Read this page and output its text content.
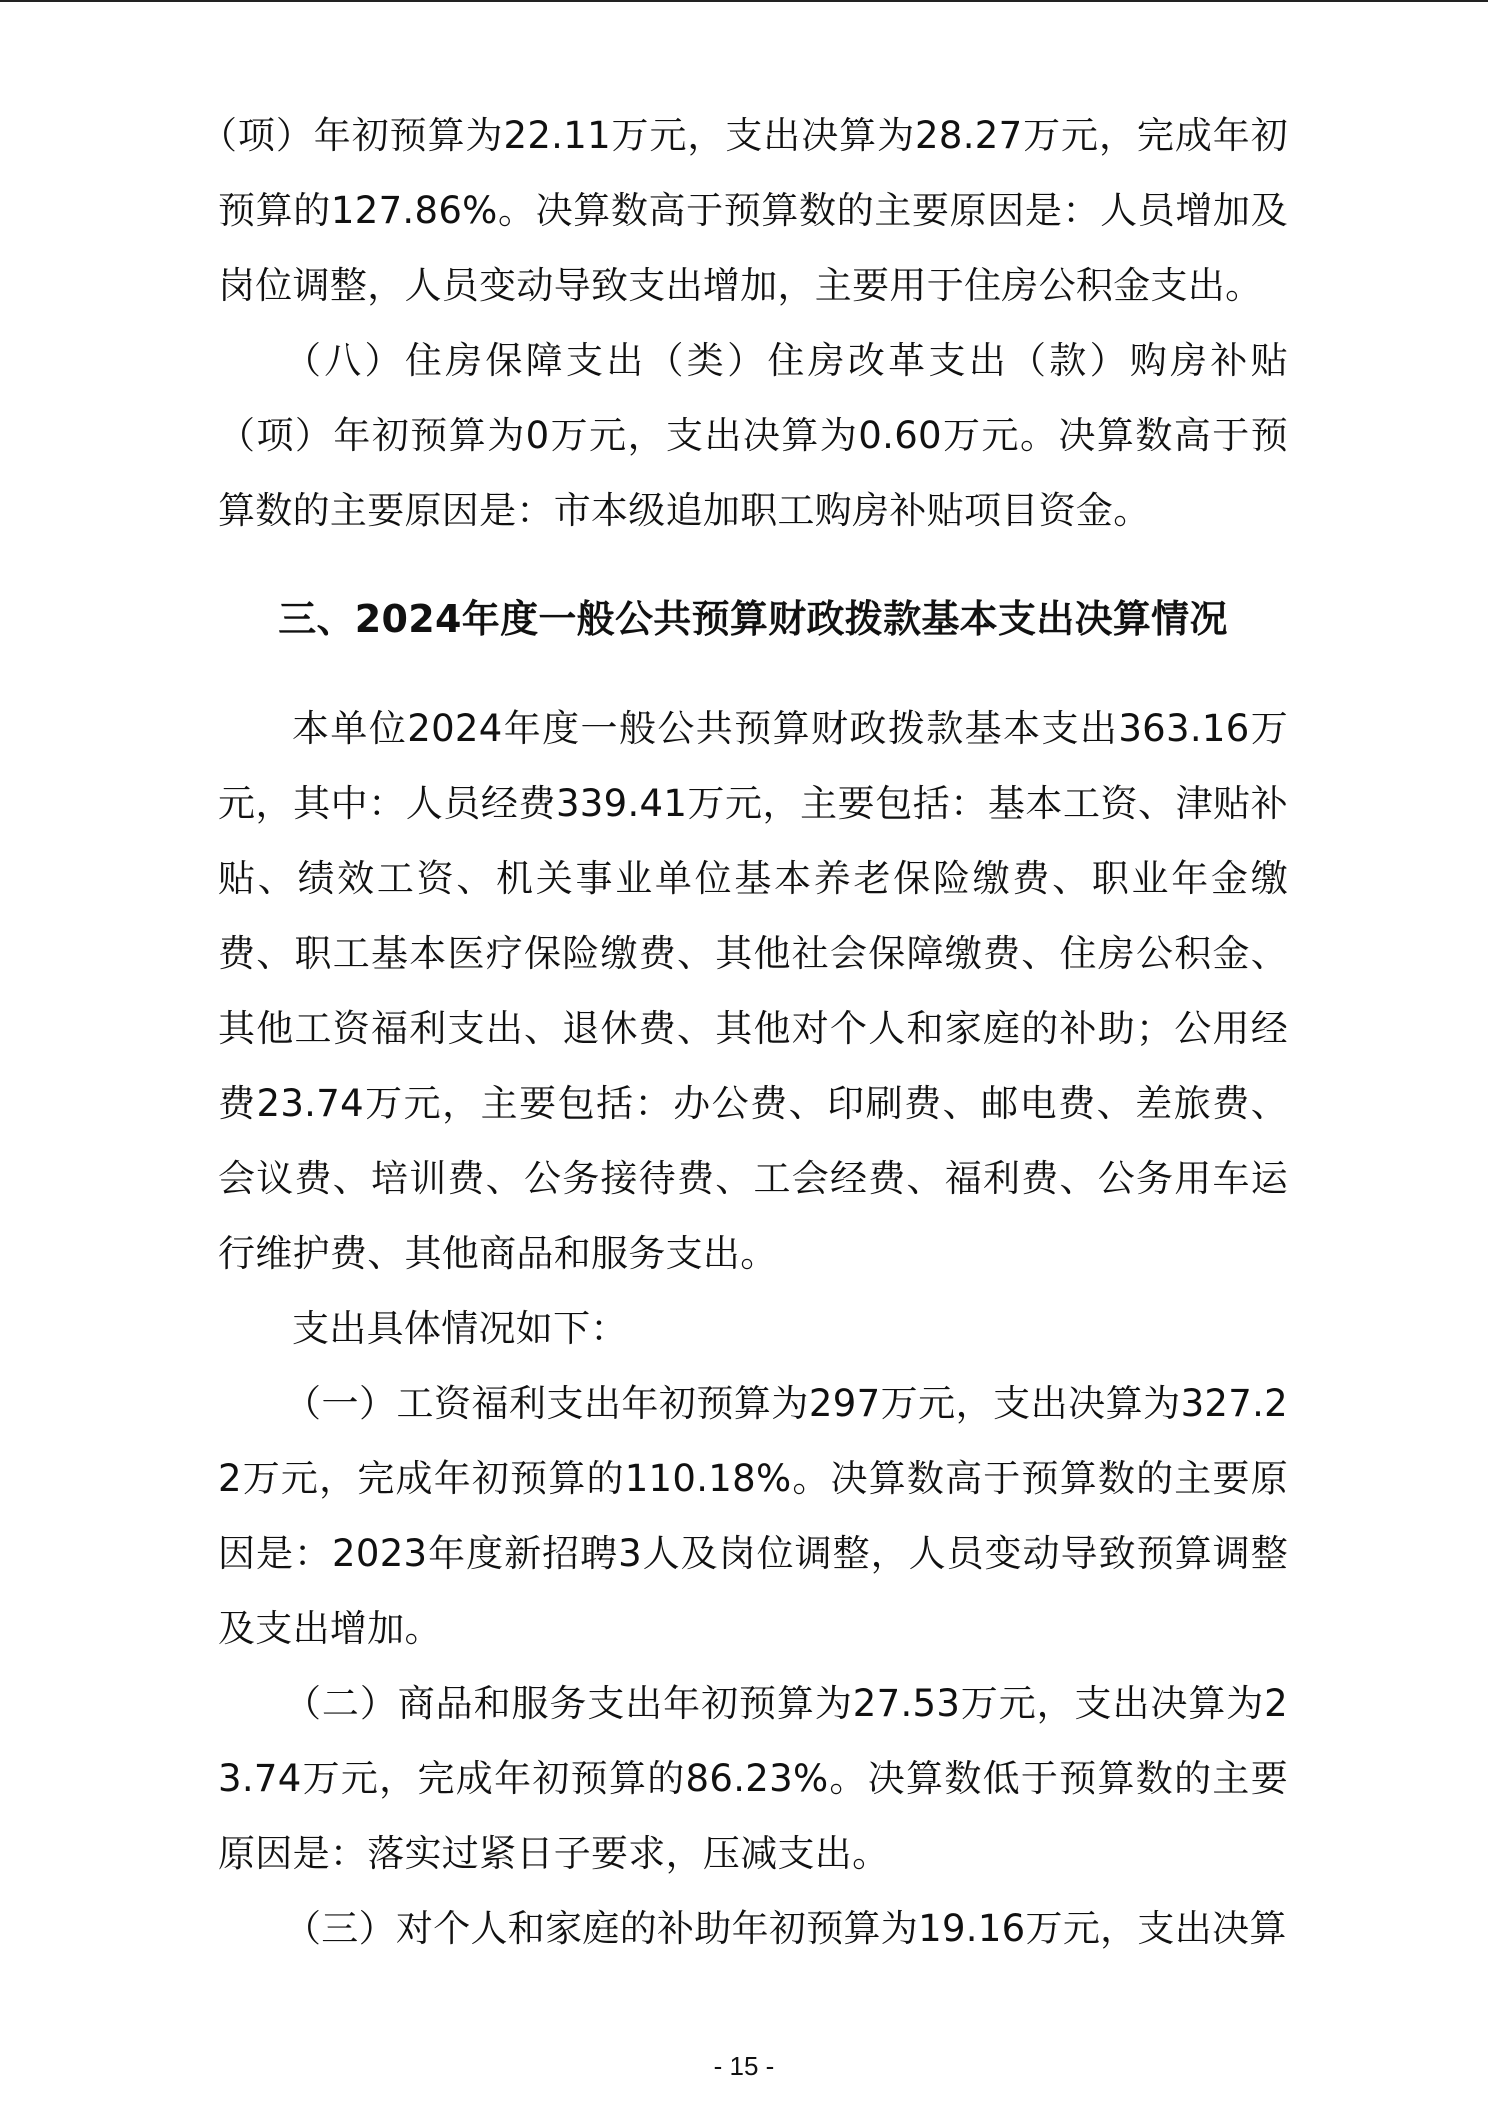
（项）年初预算为22.11万元，支出决算为28.27万元，完成年初预算的127.86%。决算数高于预算数的主要原因是：人员增加及岗位调整，人员变动导致支出增加，主要用于住房公积金支出。

（八）住房保障支出（类）住房改革支出（款）购房补贴（项）年初预算为0万元，支出决算为0.60万元。决算数高于预算数的主要原因是：市本级追加职工购房补贴项目资金。

三、2024年度一般公共预算财政拨款基本支出决算情况

本单位2024年度一般公共预算财政拨款基本支出363.16万元，其中：人员经费339.41万元，主要包括：基本工资、津贴补贴、绩效工资、机关事业单位基本养老保险缴费、职业年金缴费、职工基本医疗保险缴费、其他社会保障缴费、住房公积金、其他工资福利支出、退休费、其他对个人和家庭的补助；公用经费23.74万元，主要包括：办公费、印刷费、邮电费、差旅费、会议费、培训费、公务接待费、工会经费、福利费、公务用车运行维护费、其他商品和服务支出。

支出具体情况如下：

（一）工资福利支出年初预算为297万元，支出决算为327.22万元，完成年初预算的110.18%。决算数高于预算数的主要原因是：2023年度新招聘3人及岗位调整，人员变动导致预算调整及支出增加。

（二）商品和服务支出年初预算为27.53万元，支出决算为23.74万元，完成年初预算的86.23%。决算数低于预算数的主要原因是：落实过紧日子要求，压减支出。

（三）对个人和家庭的补助年初预算为19.16万元，支出决算

- 15 -
